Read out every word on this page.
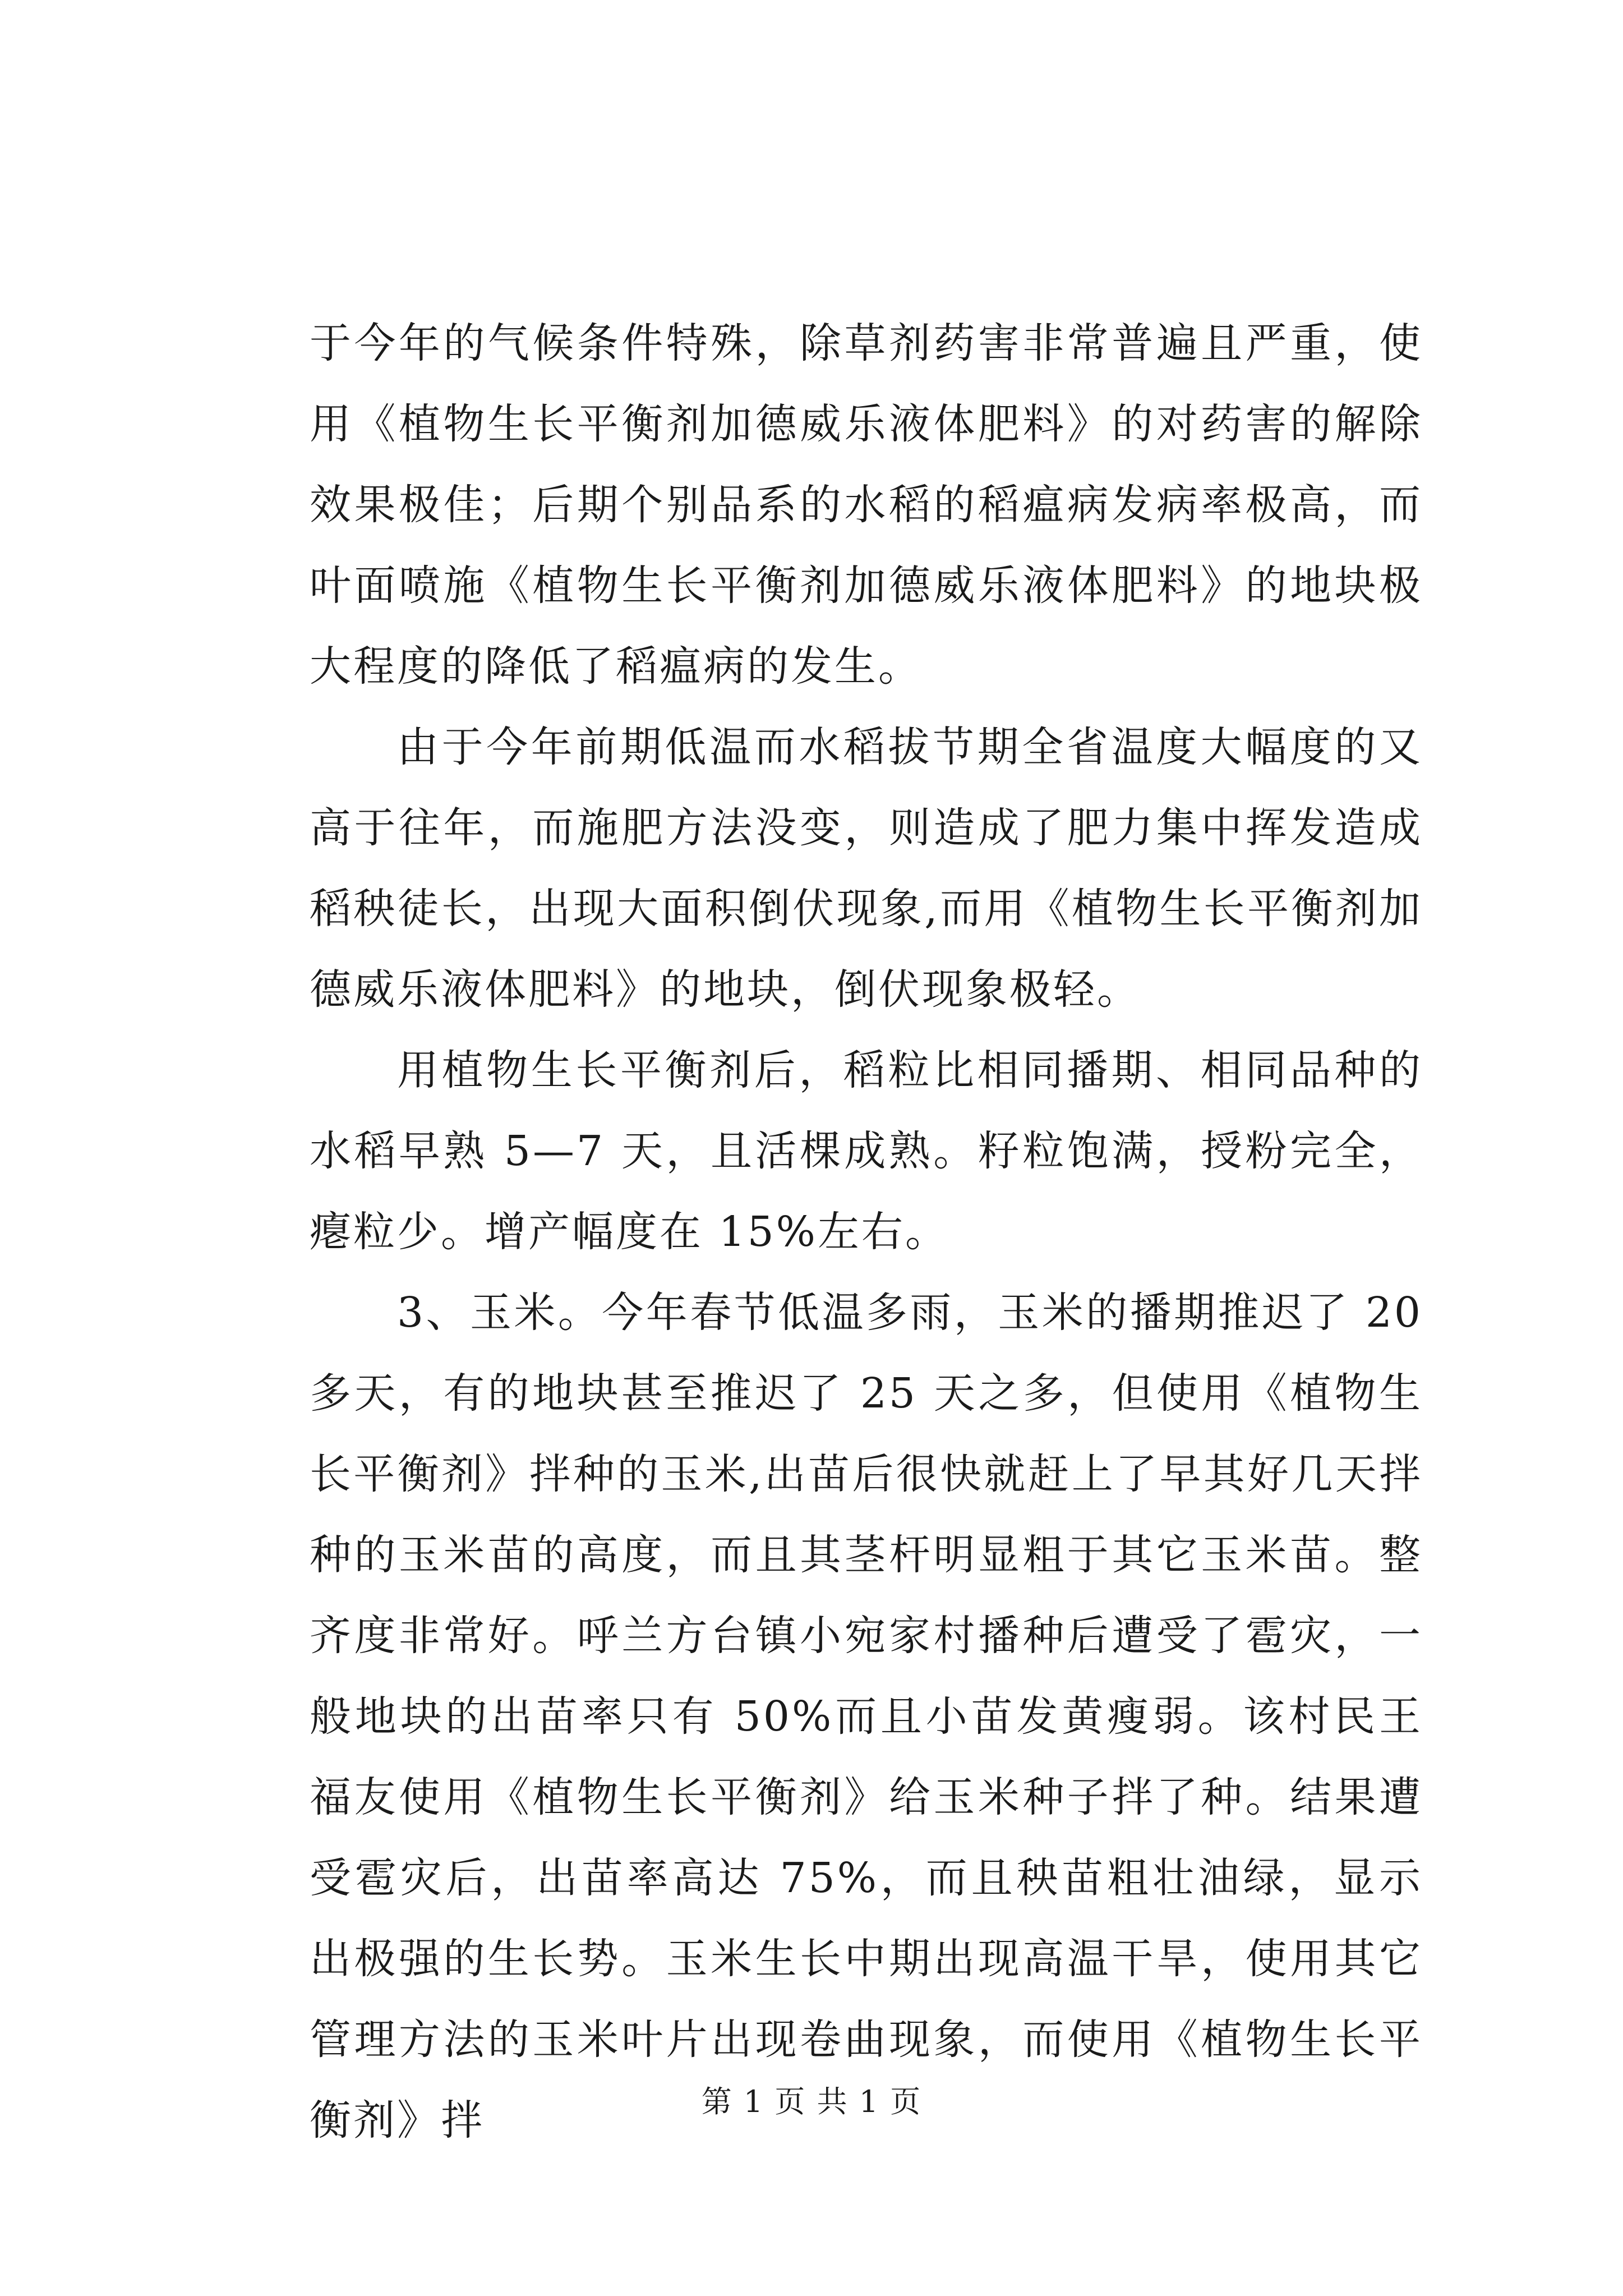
于今年的气候条件特殊，除草剂药害非常普遍且严重，使用《植物生长平衡剂加德威乐液体肥料》的对药害的解除效果极佳；后期个别品系的水稻的稻瘟病发病率极高，而叶面喷施《植物生长平衡剂加德威乐液体肥料》的地块极大程度的降低了稻瘟病的发生。

由于今年前期低温而水稻拔节期全省温度大幅度的又高于往年，而施肥方法没变，则造成了肥力集中挥发造成稻秧徒长，出现大面积倒伏现象,而用《植物生长平衡剂加德威乐液体肥料》的地块，倒伏现象极轻。

用植物生长平衡剂后，稻粒比相同播期、相同品种的水稻早熟 5—7 天，且活棵成熟。籽粒饱满，授粉完全，瘪粒少。增产幅度在 15%左右。

3、玉米。今年春节低温多雨，玉米的播期推迟了 20 多天，有的地块甚至推迟了 25 天之多，但使用《植物生长平衡剂》拌种的玉米,出苗后很快就赶上了早其好几天拌种的玉米苗的高度，而且其茎杆明显粗于其它玉米苗。整齐度非常好。呼兰方台镇小宛家村播种后遭受了雹灾，一般地块的出苗率只有 50%而且小苗发黄瘦弱。该村民王福友使用《植物生长平衡剂》给玉米种子拌了种。结果遭受雹灾后，出苗率高达 75%，而且秧苗粗壮油绿，显示出极强的生长势。玉米生长中期出现高温干旱，使用其它管理方法的玉米叶片出现卷曲现象，而使用《植物生长平衡剂》拌	第 1 页 共 1 页
